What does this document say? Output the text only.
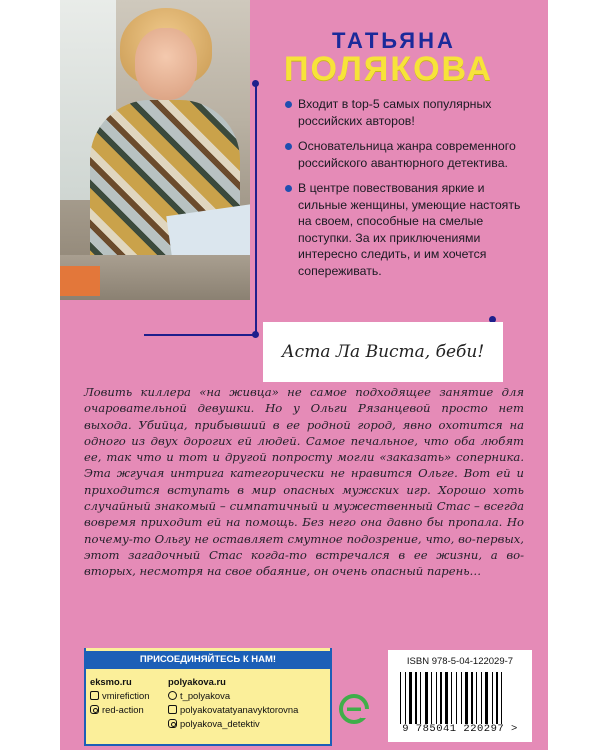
ТАТЬЯНА

ПОЛЯКОВА

Входит в top-5 самых популярных российских авторов!
Основательница жанра современного российского авантюрного детектива.
В центре повествования яркие и сильные женщины, умеющие настоять на своем, способные на смелые поступки. За их приключениями интересно следить, и им хочется сопереживать.
Аста Ла Виста, беби!

Ловить киллера «на живца» не самое подходящее занятие для очаровательной девушки. Но у Ольги Рязанцевой просто нет выхода. Убийца, прибывший в ее родной город, явно охотится на одного из двух дорогих ей людей. Самое печальное, что оба любят ее, так что и тот и другой попросту могли «заказать» соперника. Эта жгучая интрига категорически не нравится Ольге. Вот ей и приходится вступать в мир опасных мужских игр. Хорошо хоть случайный знакомый – симпатичный и мужественный Стас – всегда вовремя приходит ей на помощь. Без него она давно бы пропала. Но почему-то Ольгу не оставляет смутное подозрение, что, во-первых, этот загадочный Стас когда-то встречался в ее жизни, а во-вторых, несмотря на свое обаяние, он очень опасный парень…

ПРИСОЕДИНЯЙТЕСЬ К НАМ!

eksmo.ru
vmirefiction
red-action
polyakova.ru
t_polyakova
polyakovatatyanavyktorovna
polyakova_detektiv

ISBN 978-5-04-122029-7

9 785041 220297 >
